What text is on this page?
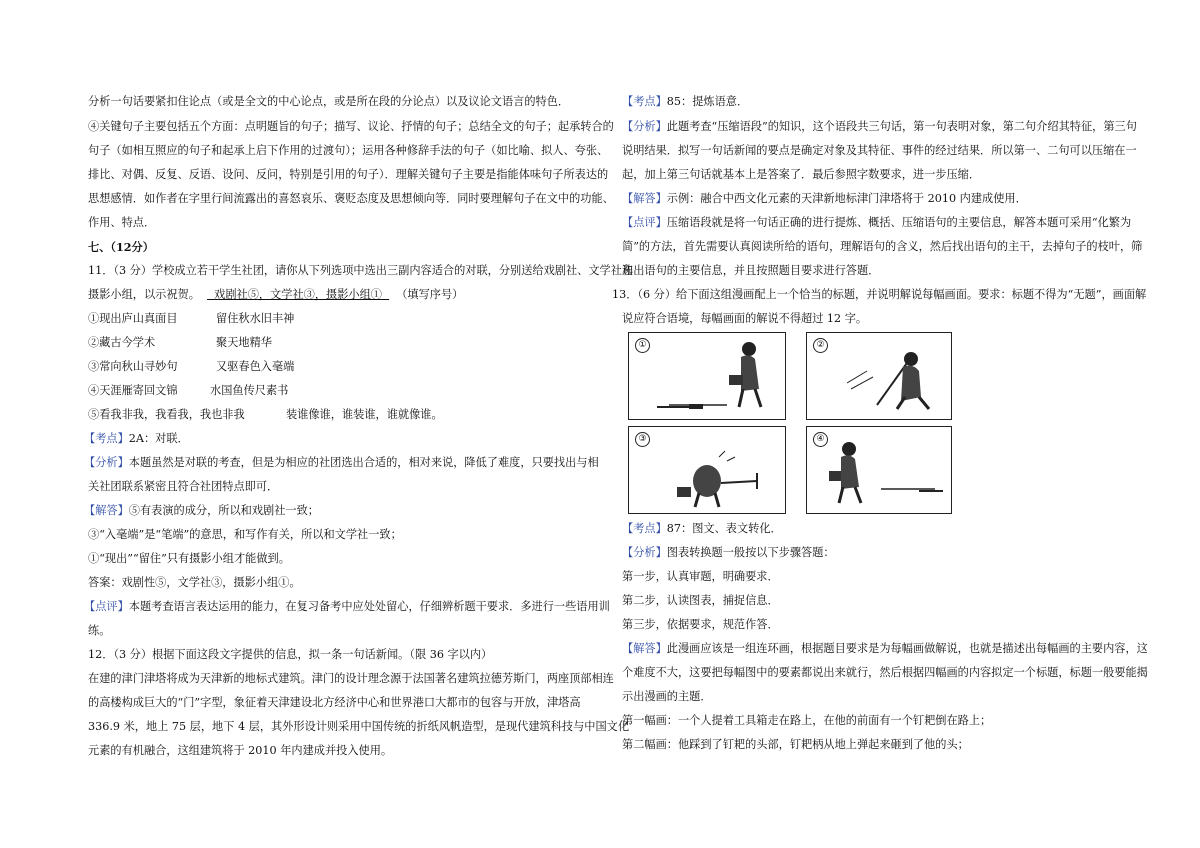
分析一句话要紧扣住论点（或是全文的中心论点，或是所在段的分论点）以及议论文语言的特色．
④关键句子主要包括五个方面：点明题旨的句子；描写、议论、抒情的句子；总结全文的句子；起承转合的
句子（如相互照应的句子和起承上启下作用的过渡句）；运用各种修辞手法的句子（如比喻、拟人、夸张、
排比、对偶、反复、反语、设问、反问，特别是引用的句子）．理解关键句子主要是指能体味句子所表达的
思想感情．如作者在字里行间流露出的喜怒哀乐、褒贬态度及思想倾向等．同时要理解句子在文中的功能、
作用、特点．
七、（12分）
11．（3 分）学校成立若干学生社团，请你从下列选项中选出三副内容适合的对联，分别送给戏剧社、文学社和
摄影小组，以示祝贺。 戏剧社⑤，文学社③，摄影小组① （填写序号）
①现出庐山真面目	留住秋水旧丰神
②藏古今学术	聚天地精华
③常向秋山寻妙句	又驱春色入毫端
④天涯雁寄回文锦	水国鱼传尺素书
⑤看我非我，我看我，我也非我	装谁像谁，谁装谁，谁就像谁。
【考点】2A：对联．
【分析】本题虽然是对联的考查，但是为相应的社团选出合适的，相对来说，降低了难度，只要找出与相
关社团联系紧密且符合社团特点即可．
【解答】⑤有表演的成分，所以和戏剧社一致；
③“入毫端”是“笔端”的意思，和写作有关，所以和文学社一致；
①“现出”“留住”只有摄影小组才能做到。
答案：戏剧性⑤，文学社③，摄影小组①。
【点评】本题考查语言表达运用的能力，在复习备考中应处处留心，仔细辨析题干要求．多进行一些语用训
练。
12．（3 分）根据下面这段文字提供的信息，拟一条一句话新闻。（限 36 字以内）
在建的津门津塔将成为天津新的地标式建筑。津门的设计理念源于法国著名建筑拉德芳斯门，两座顶部相连
的高楼构成巨大的“门”字型，象征着天津建设北方经济中心和世界港口大都市的包容与开放，津塔高
336.9 米，地上 75 层，地下 4 层，其外形设计则采用中国传统的折纸风帆造型，是现代建筑科技与中国文化
元素的有机融合，这组建筑将于 2010 年内建成并投入使用。
【考点】85：提炼语意．
【分析】此题考查“压缩语段”的知识，这个语段共三句话，第一句表明对象，第二句介绍其特征，第三句
说明结果．拟写一句话新闻的要点是确定对象及其特征、事件的经过结果．所以第一、二句可以压缩在一
起，加上第三句话就基本上是答案了．最后参照字数要求，进一步压缩．
【解答】示例：融合中西文化元素的天津新地标津门津塔将于 2010 内建成使用．
【点评】压缩语段就是将一句话正确的进行提炼、概括、压缩语句的主要信息，解答本题可采用“化繁为
简”的方法，首先需要认真阅读所给的语句，理解语句的含义，然后找出语句的主干，去掉句子的枝叶，筛
选出语句的主要信息，并且按照题目要求进行答题．
13．（6 分）给下面这组漫画配上一个恰当的标题，并说明解说每幅画面。要求：标题不得为“无题”，画面解
说应符合语境，每幅画面的解说不得超过 12 字。
①	②
③	④
【考点】87：图文、表文转化．
【分析】图表转换题一般按以下步骤答题：
第一步，认真审题，明确要求．
第二步，认读图表，捕捉信息．
第三步，依据要求，规范作答．
【解答】此漫画应该是一组连环画，根据题目要求是为每幅画做解说，也就是描述出每幅画的主要内容，这
个难度不大，这要把每幅图中的要素都说出来就行，然后根据四幅画的内容拟定一个标题，标题一般要能揭
示出漫画的主题．
第一幅画：一个人提着工具箱走在路上，在他的前面有一个钉耙倒在路上；
第二幅画：他踩到了钉耙的头部，钉耙柄从地上弹起来砸到了他的头；
